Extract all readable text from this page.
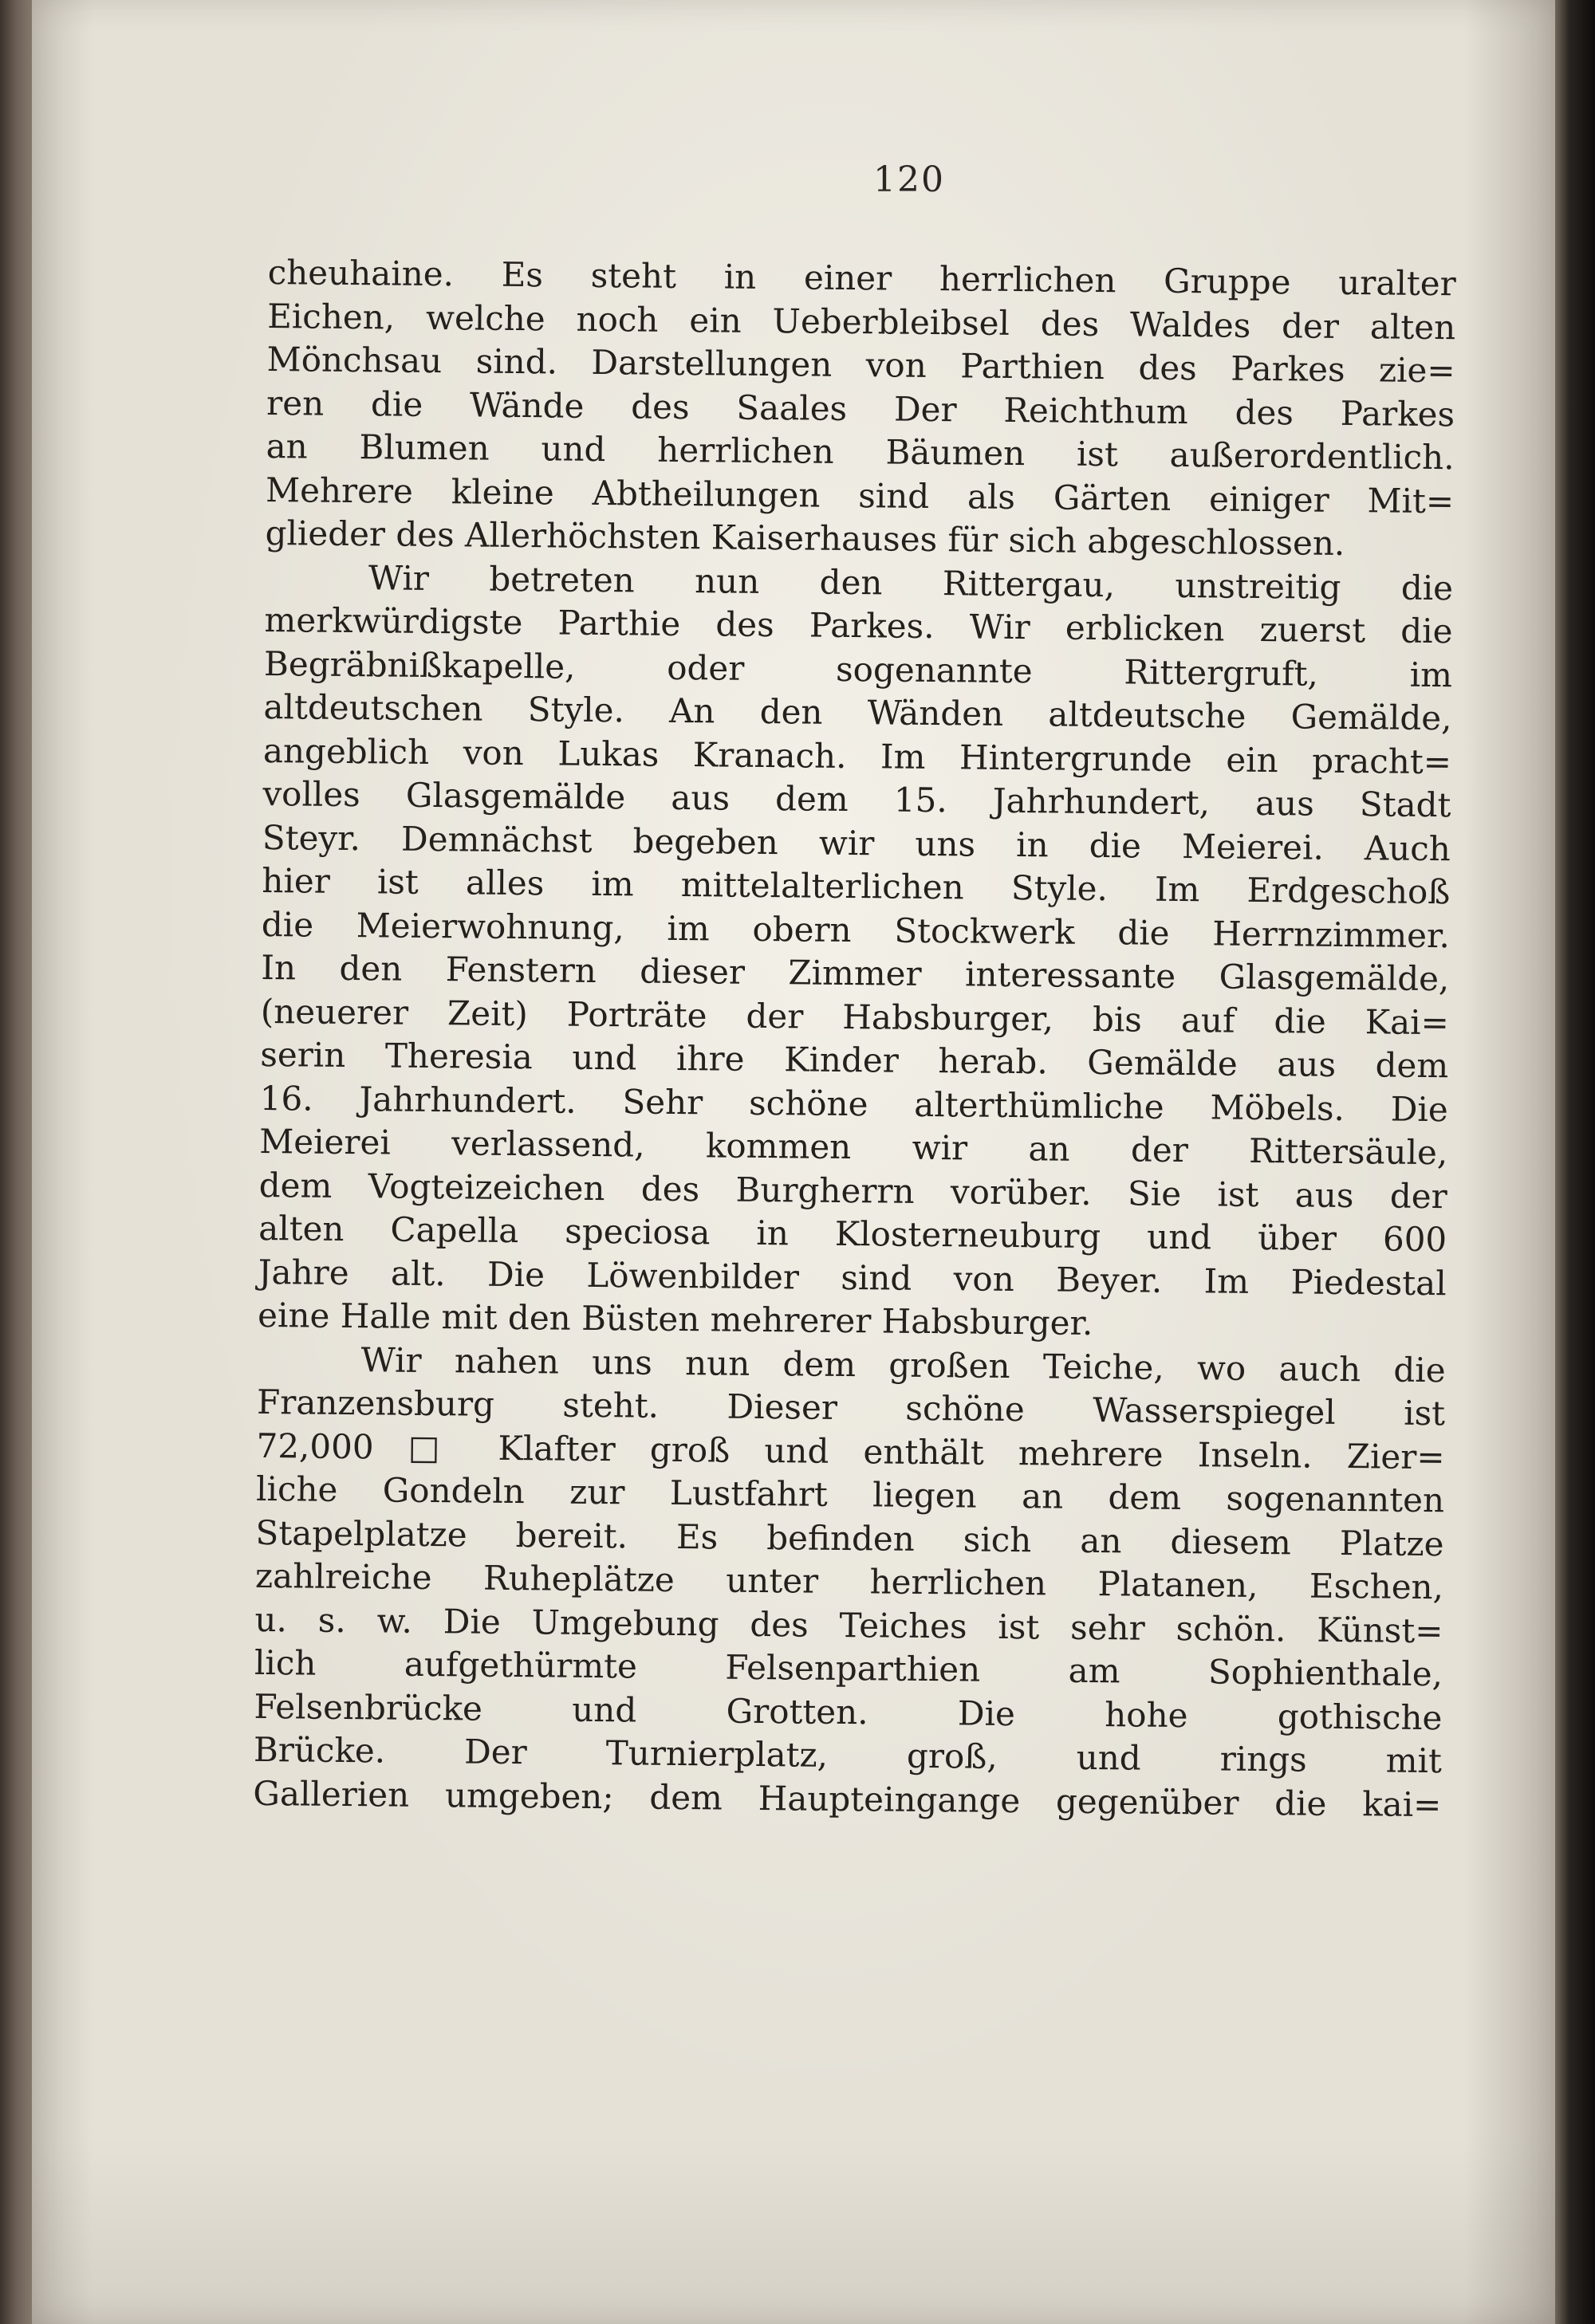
120
cheuhaine. Es steht in einer herrlichen Gruppe uralter
Eichen, welche noch ein Ueberbleibsel des Waldes der alten
Mönchsau sind. Darstellungen von Parthien des Parkes zie=
ren die Wände des Saales Der Reichthum des Parkes
an Blumen und herrlichen Bäumen ist außerordentlich.
Mehrere kleine Abtheilungen sind als Gärten einiger Mit=
glieder des Allerhöchsten Kaiserhauses für sich abgeschlossen.
Wir betreten nun den Rittergau, unstreitig die
merkwürdigste Parthie des Parkes. Wir erblicken zuerst die
Begräbnißkapelle, oder sogenannte Rittergruft, im
altdeutschen Style. An den Wänden altdeutsche Gemälde,
angeblich von Lukas Kranach. Im Hintergrunde ein pracht=
volles Glasgemälde aus dem 15. Jahrhundert, aus Stadt
Steyr. Demnächst begeben wir uns in die Meierei. Auch
hier ist alles im mittelalterlichen Style. Im Erdgeschoß
die Meierwohnung, im obern Stockwerk die Herrnzimmer.
In den Fenstern dieser Zimmer interessante Glasgemälde,
(neuerer Zeit) Porträte der Habsburger, bis auf die Kai=
serin Theresia und ihre Kinder herab. Gemälde aus dem
16. Jahrhundert. Sehr schöne alterthümliche Möbels. Die
Meierei verlassend, kommen wir an der Rittersäule,
dem Vogteizeichen des Burgherrn vorüber. Sie ist aus der
alten Capella speciosa in Klosterneuburg und über 600
Jahre alt. Die Löwenbilder sind von Beyer. Im Piedestal
eine Halle mit den Büsten mehrerer Habsburger.
Wir nahen uns nun dem großen Teiche, wo auch die
Franzensburg steht. Dieser schöne Wasserspiegel ist
72,000 □ Klafter groß und enthält mehrere Inseln. Zier=
liche Gondeln zur Lustfahrt liegen an dem sogenannten
Stapelplatze bereit. Es befinden sich an diesem Platze
zahlreiche Ruheplätze unter herrlichen Platanen, Eschen,
u. s. w. Die Umgebung des Teiches ist sehr schön. Künst=
lich aufgethürmte Felsenparthien am Sophienthale,
Felsenbrücke und Grotten. Die hohe gothische
Brücke. Der Turnierplatz, groß, und rings mit
Gallerien umgeben; dem Haupteingange gegenüber die kai=
